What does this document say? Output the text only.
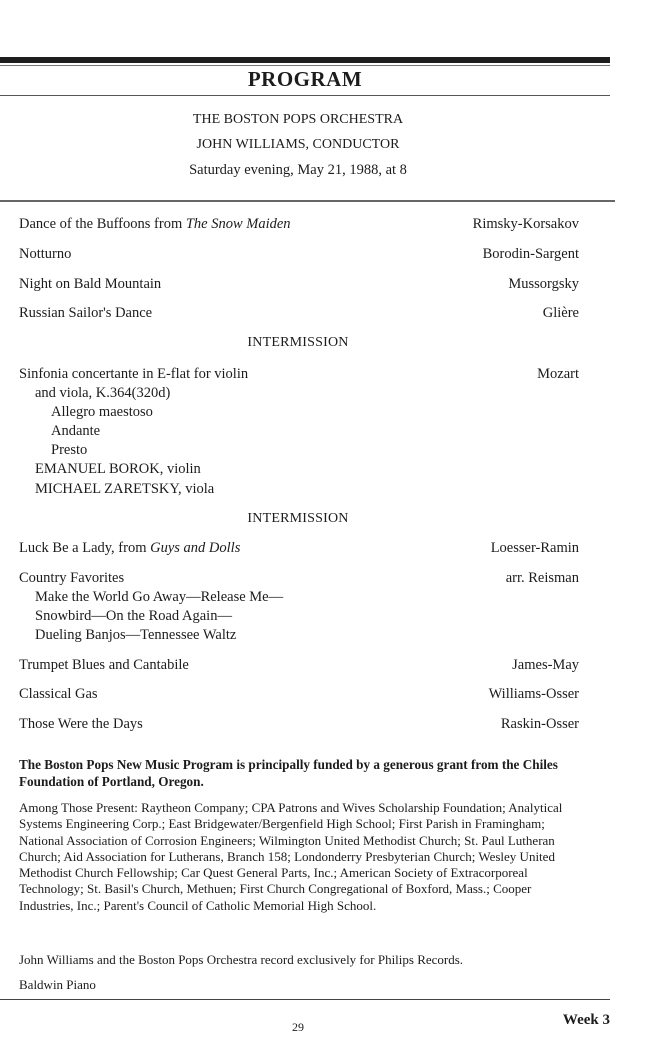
PROGRAM
THE BOSTON POPS ORCHESTRA
JOHN WILLIAMS, CONDUCTOR
Saturday evening, May 21, 1988, at 8
Dance of the Buffoons from The Snow Maiden	Rimsky-Korsakov
Notturno	Borodin-Sargent
Night on Bald Mountain	Mussorgsky
Russian Sailor's Dance	Glière
INTERMISSION
Sinfonia concertante in E-flat for violin	Mozart
and viola, K.364(320d)
Allegro maestoso
Andante
Presto
EMANUEL BOROK, violin
MICHAEL ZARETSKY, viola
INTERMISSION
Luck Be a Lady, from Guys and Dolls	Loesser-Ramin
Country Favorites	arr. Reisman
Make the World Go Away—Release Me—
Snowbird—On the Road Again—
Dueling Banjos—Tennessee Waltz
Trumpet Blues and Cantabile	James-May
Classical Gas	Williams-Osser
Those Were the Days	Raskin-Osser
The Boston Pops New Music Program is principally funded by a generous grant from the Chiles Foundation of Portland, Oregon.
Among Those Present: Raytheon Company; CPA Patrons and Wives Scholarship Foundation; Analytical Systems Engineering Corp.; East Bridgewater/Bergenfield High School; First Parish in Framingham; National Association of Corrosion Engineers; Wilmington United Methodist Church; St. Paul Lutheran Church; Aid Association for Lutherans, Branch 158; Londonderry Presbyterian Church; Wesley United Methodist Church Fellowship; Car Quest General Parts, Inc.; American Society of Extracorporeal Technology; St. Basil's Church, Methuen; First Church Congregational of Boxford, Mass.; Cooper Industries, Inc.; Parent's Council of Catholic Memorial High School.
John Williams and the Boston Pops Orchestra record exclusively for Philips Records.
Baldwin Piano
29	Week 3
